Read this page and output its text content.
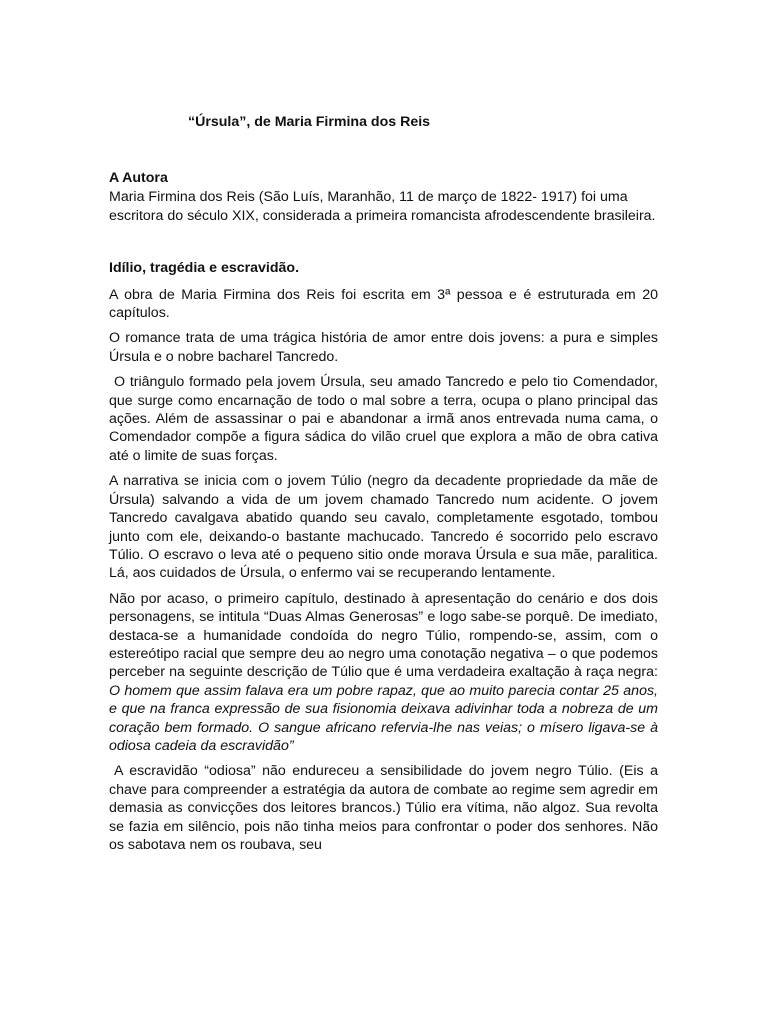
“Úrsula”, de Maria Firmina dos Reis
A Autora

Maria Firmina dos Reis (São Luís, Maranhão, 11 de março de 1822- 1917) foi uma escritora do século XIX, considerada a primeira romancista afrodescendente brasileira.

Idílio, tragédia e escravidão.

A obra de Maria Firmina dos Reis foi escrita em 3ª pessoa e é estruturada em 20 capítulos.

O romance trata de uma trágica história de amor entre dois jovens: a pura e simples Úrsula e o nobre bacharel Tancredo.

O triângulo formado pela jovem Úrsula, seu amado Tancredo e pelo tio Comendador, que surge como encarnação de todo o mal sobre a terra, ocupa o plano principal das ações. Além de assassinar o pai e abandonar a irmã anos entrevada numa cama, o Comendador compõe a figura sádica do vilão cruel que explora a mão de obra cativa até o limite de suas forças.

A narrativa se inicia com o jovem Túlio (negro da decadente propriedade da mãe de Úrsula) salvando a vida de um jovem chamado Tancredo num acidente. O jovem Tancredo cavalgava abatido quando seu cavalo, completamente esgotado, tombou junto com ele, deixando-o bastante machucado. Tancredo é socorrido pelo escravo Túlio. O escravo o leva até o pequeno sitio onde morava Úrsula e sua mãe, paralitica. Lá, aos cuidados de Úrsula, o enfermo vai se recuperando lentamente.

Não por acaso, o primeiro capítulo, destinado à apresentação do cenário e dos dois personagens, se intitula “Duas Almas Generosas” e logo sabe-se porquê. De imediato, destaca-se a humanidade condoída do negro Túlio, rompendo-se, assim, com o estereótipo racial que sempre deu ao negro uma conotação negativa – o que podemos perceber na seguinte descrição de Túlio que é uma verdadeira exaltação à raça negra: O homem que assim falava era um pobre rapaz, que ao muito parecia contar 25 anos, e que na franca expressão de sua fisionomia deixava adivinhar toda a nobreza de um coração bem formado. O sangue africano refervia-lhe nas veias; o mísero ligava-se à odiosa cadeia da escravidão”

A escravidão “odiosa” não endureceu a sensibilidade do jovem negro Túlio. (Eis a chave para compreender a estratégia da autora de combate ao regime sem agredir em demasia as convicções dos leitores brancos.) Túlio era vítima, não algoz. Sua revolta se fazia em silêncio, pois não tinha meios para confrontar o poder dos senhores. Não os sabotava nem os roubava, seu
